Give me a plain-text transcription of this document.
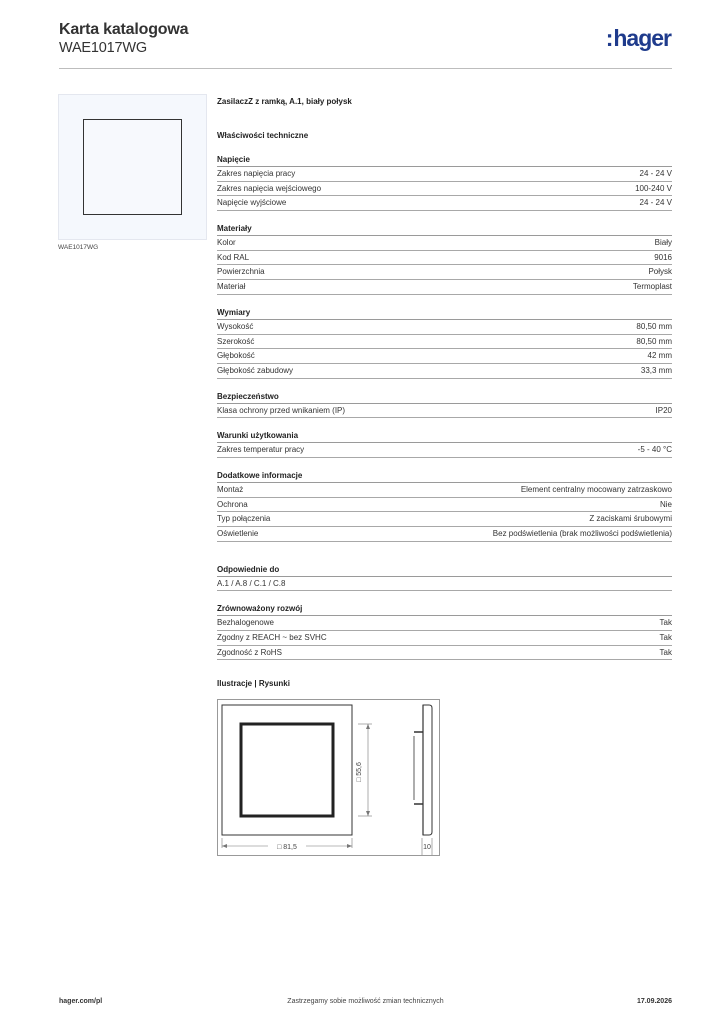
Karta katalogowa
WAE1017WG	:hager
WAE1017WG
ZasilaczZ z ramką, A.1, biały połysk
Właściwości techniczne
Napięcie
Zakres napięcia pracy	24 - 24 V
Zakres napięcia wejściowego	100-240 V
Napięcie wyjściowe	24 - 24 V
Materiały
Kolor	Biały
Kod RAL	9016
Powierzchnia	Połysk
Materiał	Termoplast
Wymiary
Wysokość	80,50 mm
Szerokość	80,50 mm
Głębokość	42 mm
Głębokość zabudowy	33,3 mm
Bezpieczeństwo
Klasa ochrony przed wnikaniem (IP)	IP20
Warunki użytkowania
Zakres temperatur pracy	-5 - 40 °C
Dodatkowe informacje
Montaż	Element centralny mocowany zatrzaskowo
Ochrona	Nie
Typ połączenia	Z zaciskami śrubowymi
Oświetlenie	Bez podświetlenia (brak możliwości podświetlenia)
Odpowiednie do
A.1 / A.8 / C.1 / C.8
Zrównoważony rozwój
Bezhalogenowe	Tak
Zgodny z REACH ~ bez SVHC	Tak
Zgodność z RoHS	Tak
Ilustracje | Rysunki
□ 55,6
□ 81,5	10
hager.com/pl	Zastrzegamy sobie możliwość zmian technicznych	17.09.2026
